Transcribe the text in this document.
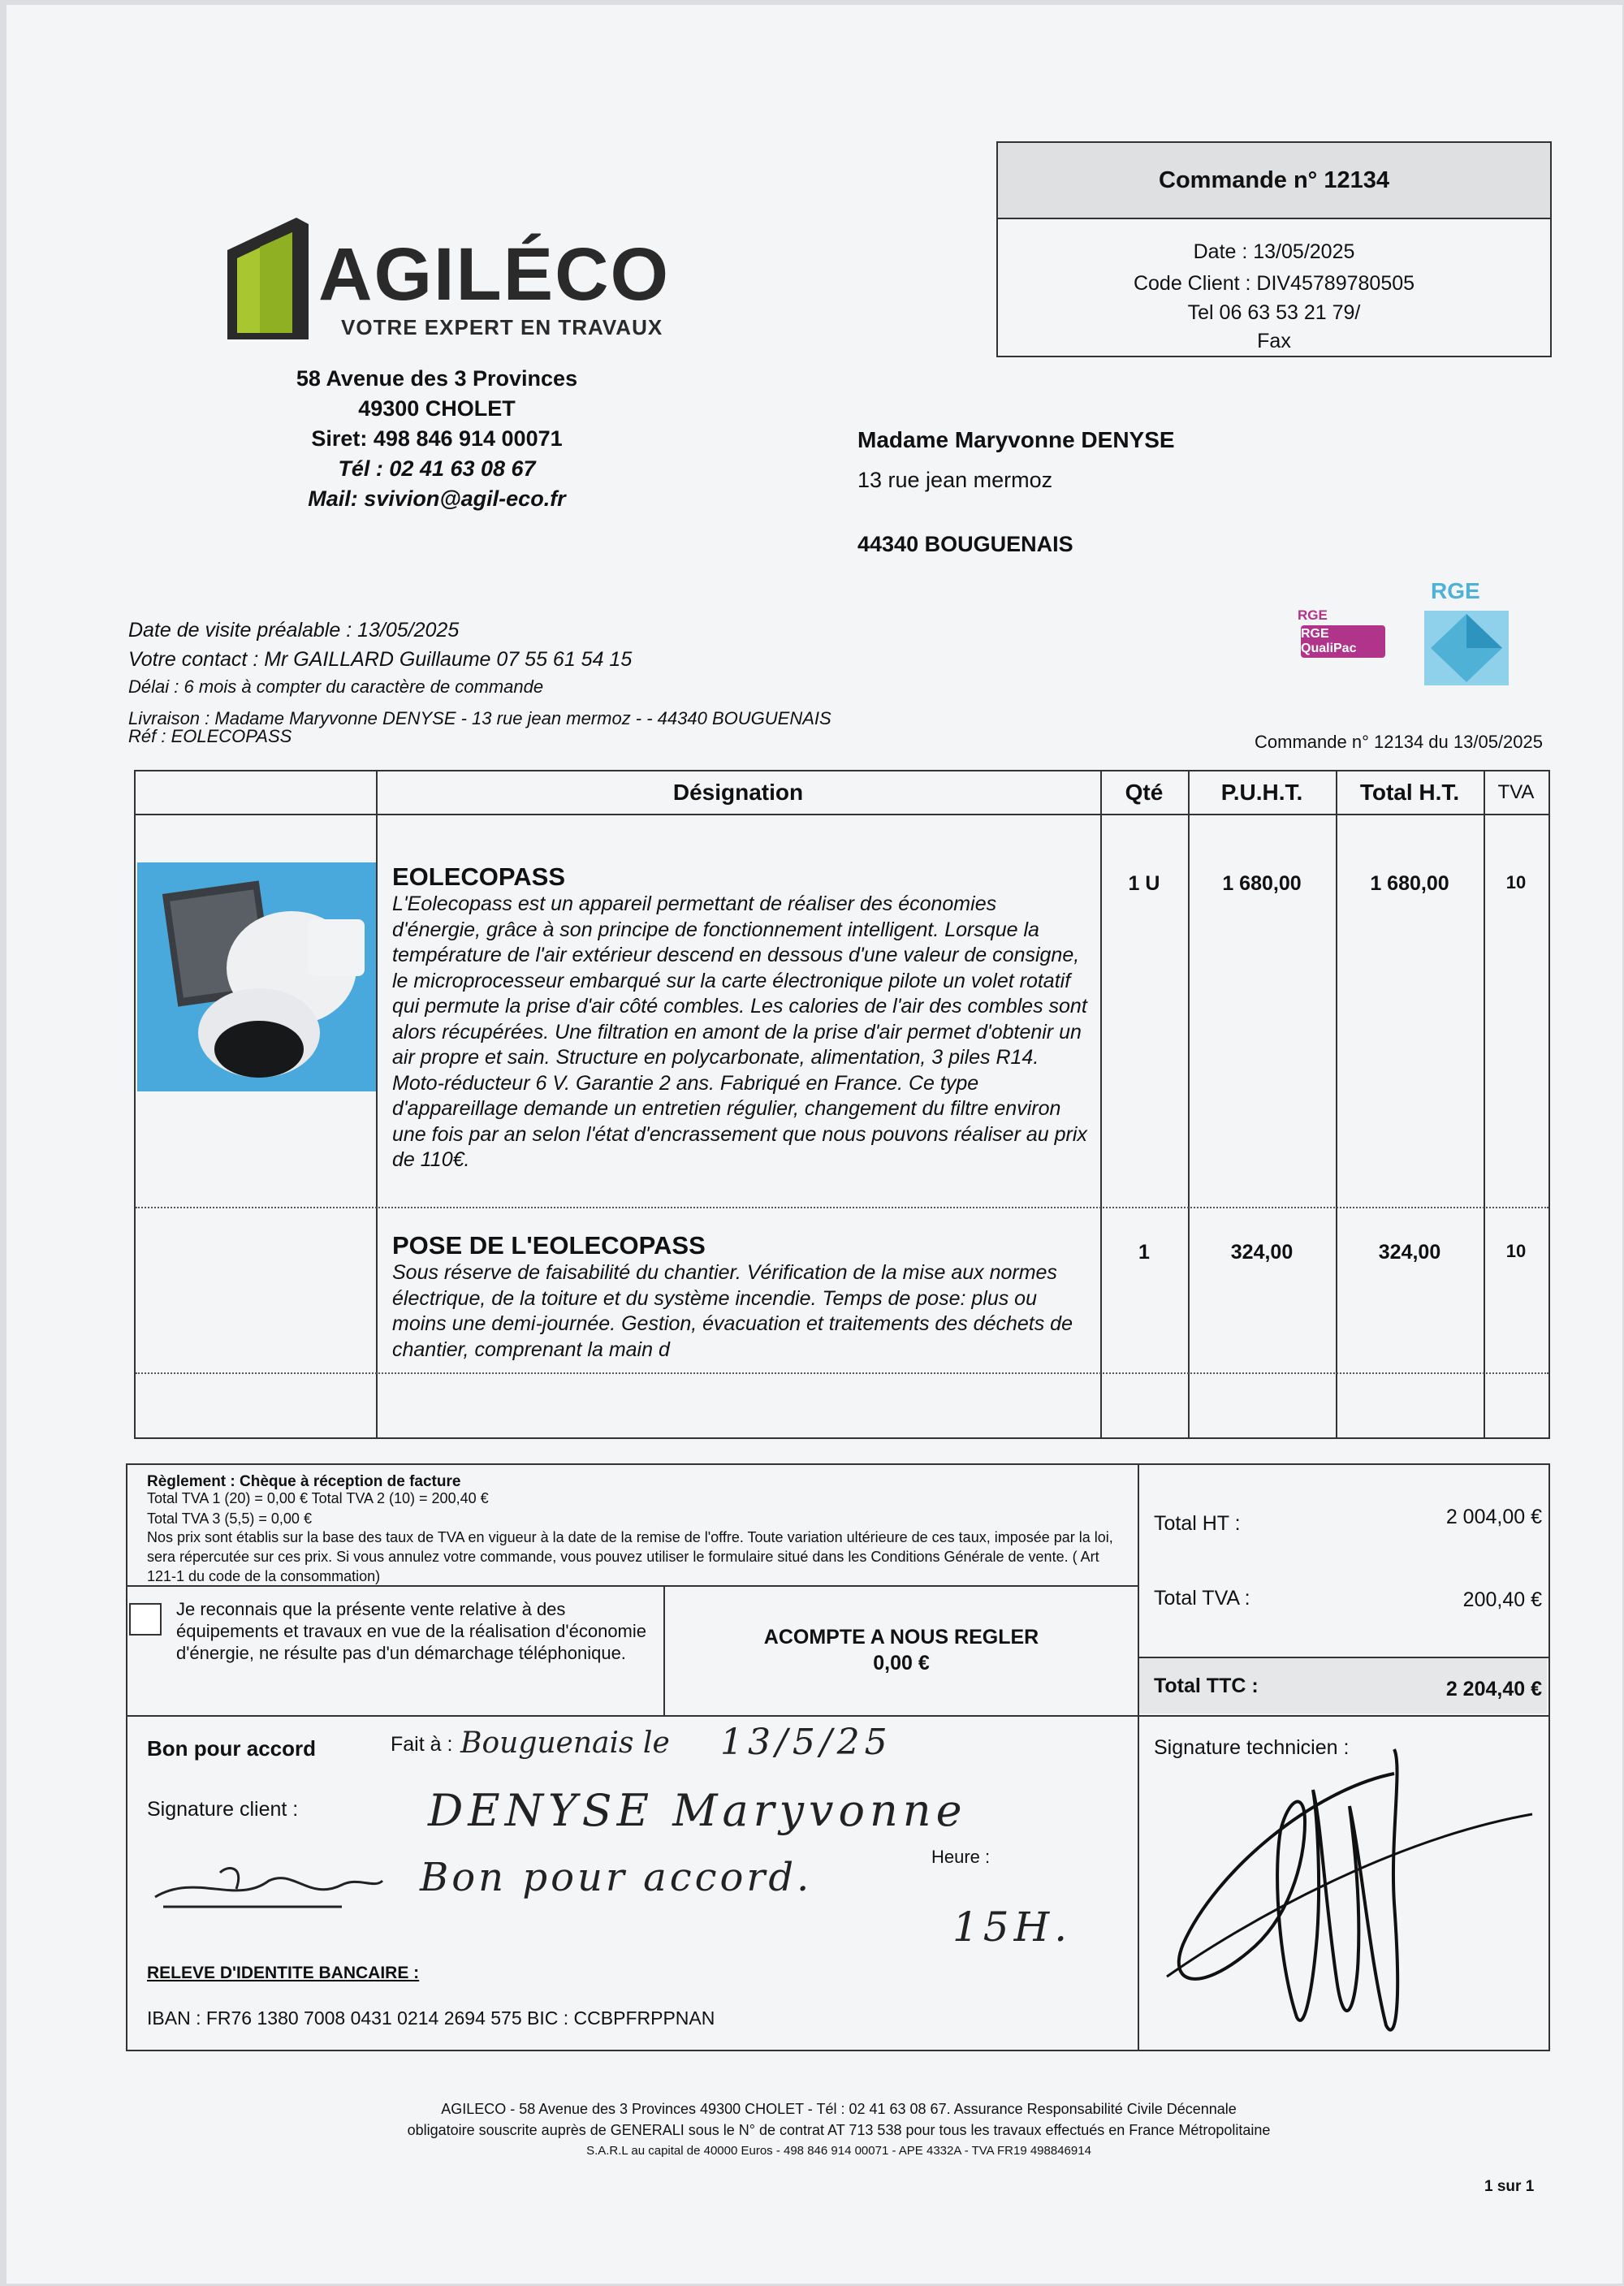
AGILÉCO
VOTRE EXPERT EN TRAVAUX
58 Avenue des 3 Provinces
49300 CHOLET
Siret: 498 846 914 00071
Tél : 02 41 63 08 67
Mail: svivion@agil-eco.fr
Commande n° 12134
Date : 13/05/2025
Code Client : DIV45789780505
Tel 06 63 53 21 79/
Fax
Madame Maryvonne DENYSE
13 rue jean mermoz
44340 BOUGUENAIS
RGE
RGE QualiPac
RGE
Date de visite préalable : 13/05/2025
Votre contact : Mr GAILLARD Guillaume 07 55 61 54 15
Délai : 6 mois à compter du caractère de commande
Livraison : Madame Maryvonne DENYSE - 13 rue jean mermoz - - 44340 BOUGUENAIS
Réf : EOLECOPASS	Commande n° 12134 du 13/05/2025
Désignation	Qté	P.U.H.T.	Total H.T.	TVA
EOLECOPASS
L'Eolecopass est un appareil permettant de réaliser des économies d'énergie, grâce à son principe de fonctionnement intelligent. Lorsque la température de l'air extérieur descend en dessous d'une valeur de consigne, le microprocesseur embarqué sur la carte électronique pilote un volet rotatif qui permute la prise d'air côté combles. Les calories de l'air des combles sont alors récupérées. Une filtration en amont de la prise d'air permet d'obtenir un air propre et sain. Structure en polycarbonate, alimentation, 3 piles R14. Moto-réducteur 6 V. Garantie 2 ans. Fabriqué en France. Ce type d'appareillage demande un entretien régulier, changement du filtre environ une fois par an selon l'état d'encrassement que nous pouvons réaliser au prix de 110€.
1 U	1 680,00	1 680,00	10
POSE DE L'EOLECOPASS
Sous réserve de faisabilité du chantier. Vérification de la mise aux normes électrique, de la toiture et du système incendie. Temps de pose: plus ou moins une demi-journée. Gestion, évacuation et traitements des déchets de chantier, comprenant la main d
1	324,00	324,00	10
Règlement : Chèque à réception de facture
Total TVA 1 (20) = 0,00 € Total TVA 2 (10) = 200,40 €
Total TVA 3 (5,5) = 0,00 €
Nos prix sont établis sur la base des taux de TVA en vigueur à la date de la remise de l'offre. Toute variation ultérieure de ces taux, imposée par la loi, sera répercutée sur ces prix. Si vous annulez votre commande, vous pouvez utiliser le formulaire situé dans les Conditions Générale de vente. ( Art 121-1 du code de la consommation)
Je reconnais que la présente vente relative à des équipements et travaux en vue de la réalisation d'économie d'énergie, ne résulte pas d'un démarchage téléphonique.
ACOMPTE A NOUS REGLER
0,00 €
Total HT :	2 004,00 €
Total TVA :	200,40 €
Total TTC :	2 204,40 €
Bon pour accord	Fait à : Bouguenais le 13/5/25
Signature client :	DENYSE Maryvonne
Bon pour accord.	Heure :
15H.
RELEVE D'IDENTITE BANCAIRE :
IBAN : FR76 1380 7008 0431 0214 2694 575 BIC : CCBPFRPPNAN
Signature technicien :
AGILECO - 58 Avenue des 3 Provinces 49300 CHOLET - Tél : 02 41 63 08 67. Assurance Responsabilité Civile Décennale
obligatoire souscrite auprès de GENERALI sous le N° de contrat AT 713 538 pour tous les travaux effectués en France Métropolitaine
S.A.R.L au capital de 40000 Euros - 498 846 914 00071 - APE 4332A - TVA FR19 498846914
1 sur 1
